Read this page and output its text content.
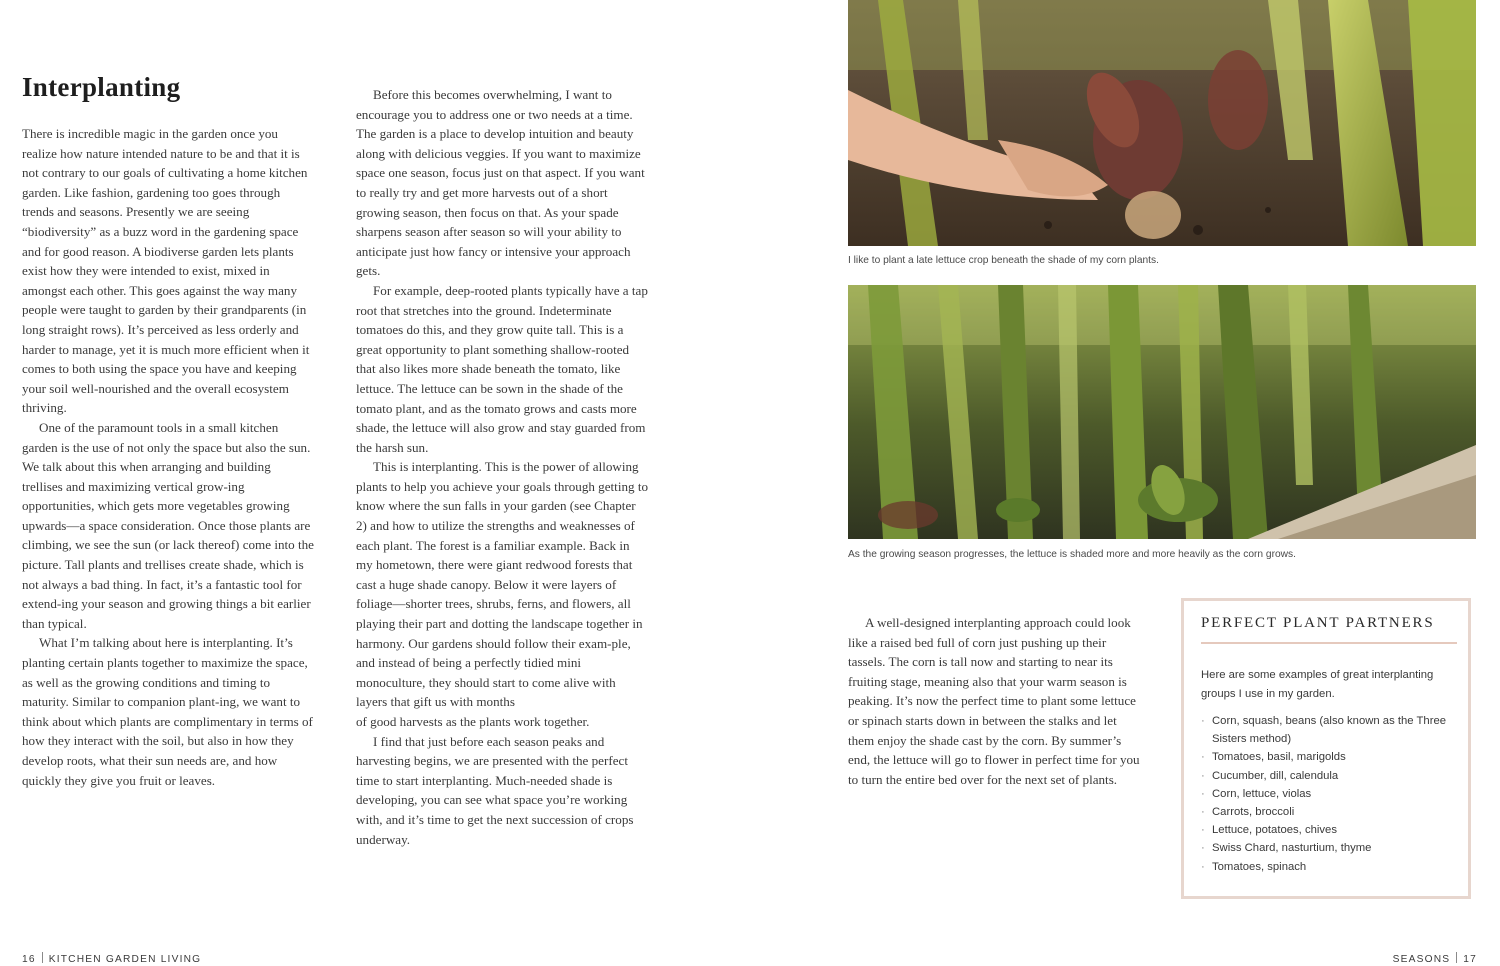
Interplanting

There is incredible magic in the garden once you realize how nature intended nature to be and that it is not contrary to our goals of cultivating a home kitchen garden. Like fashion, gardening too goes through trends and seasons. Presently we are seeing “biodiversity” as a buzz word in the gardening space and for good reason. A biodiverse garden lets plants exist how they were intended to exist, mixed in amongst each other. This goes against the way many people were taught to garden by their grandparents (in long straight rows). It’s perceived as less orderly and harder to manage, yet it is much more efficient when it comes to both using the space you have and keeping your soil well-nourished and the overall ecosystem thriving.

One of the paramount tools in a small kitchen garden is the use of not only the space but also the sun. We talk about this when arranging and building trellises and maximizing vertical grow-ing opportunities, which gets more vegetables growing upwards—a space consideration. Once those plants are climbing, we see the sun (or lack thereof) come into the picture. Tall plants and trellises create shade, which is not always a bad thing. In fact, it’s a fantastic tool for extend-ing your season and growing things a bit earlier than typical.

What I’m talking about here is interplanting. It’s planting certain plants together to maximize the space, as well as the growing conditions and timing to maturity. Similar to companion plant-ing, we want to think about which plants are complimentary in terms of how they interact with the soil, but also in how they develop roots, what their sun needs are, and how quickly they give you fruit or leaves.

Before this becomes overwhelming, I want to encourage you to address one or two needs at a time. The garden is a place to develop intuition and beauty along with delicious veggies. If you want to maximize space one season, focus just on that aspect. If you want to really try and get more harvests out of a short growing season, then focus on that. As your spade sharpens season after season so will your ability to anticipate just how fancy or intensive your approach gets.

For example, deep-rooted plants typically have a tap root that stretches into the ground. Indeterminate tomatoes do this, and they grow quite tall. This is a great opportunity to plant something shallow-rooted that also likes more shade beneath the tomato, like lettuce. The lettuce can be sown in the shade of the tomato plant, and as the tomato grows and casts more shade, the lettuce will also grow and stay guarded from the harsh sun.

This is interplanting. This is the power of allowing plants to help you achieve your goals through getting to know where the sun falls in your garden (see Chapter 2) and how to utilize the strengths and weaknesses of each plant. The forest is a familiar example. Back in my hometown, there were giant redwood forests that cast a huge shade canopy. Below it were layers of foliage—shorter trees, shrubs, ferns, and flowers, all playing their part and dotting the landscape together in harmony. Our gardens should follow their exam-ple, and instead of being a perfectly tidied mini monoculture, they should start to come alive with layers that gift us with months

of good harvests as the plants work together.

I find that just before each season peaks and harvesting begins, we are presented with the perfect time to start interplanting. Much-needed shade is developing, you can see what space you’re working with, and it’s time to get the next succession of crops underway.

I like to plant a late lettuce crop beneath the shade of my corn plants.
As the growing season progresses, the lettuce is shaded more and more heavily as the corn grows.

A well-designed interplanting approach could look like a raised bed full of corn just pushing up their tassels. The corn is tall now and starting to near its fruiting stage, meaning also that your warm season is peaking. It’s now the perfect time to plant some lettuce or spinach starts down in between the stalks and let them enjoy the shade cast by the corn. By summer’s end, the lettuce will go to flower in perfect time for you to turn the entire bed over for the next set of plants.

PERFECT PLANT PARTNERS

Here are some examples of great interplanting groups I use in my garden.

· Corn, squash, beans (also known as the Three Sisters method)
· Tomatoes, basil, marigolds
· Cucumber, dill, calendula
· Corn, lettuce, violas
· Carrots, broccoli
· Lettuce, potatoes, chives
· Swiss Chard, nasturtium, thyme
· Tomatoes, spinach
16 KITCHEN GARDEN LIVING	SEASONS 17
